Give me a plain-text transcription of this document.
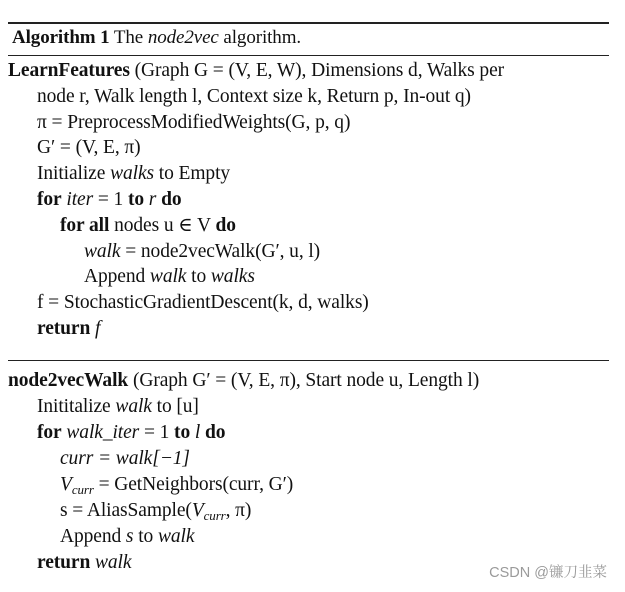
Algorithm 1 The node2vec algorithm.
LearnFeatures (Graph G = (V, E, W), Dimensions d, Walks per
node r, Walk length l, Context size k, Return p, In-out q)
π = PreprocessModifiedWeights(G, p, q)
G′ = (V, E, π)
Initialize walks to Empty
for iter = 1 to r do
for all nodes u ∈ V do
walk = node2vecWalk(G′, u, l)
Append walk to walks
f = StochasticGradientDescent(k, d, walks)
return f
node2vecWalk (Graph G′ = (V, E, π), Start node u, Length l)
Inititalize walk to [u]
for walk_iter = 1 to l do
curr = walk[−1]
$V_{curr}$ = GetNeighbors(curr, G′)
$s = AliasSample(V_{curr}$, π)
Append s to walk
return walk	CSDN @镰刀韭菜
